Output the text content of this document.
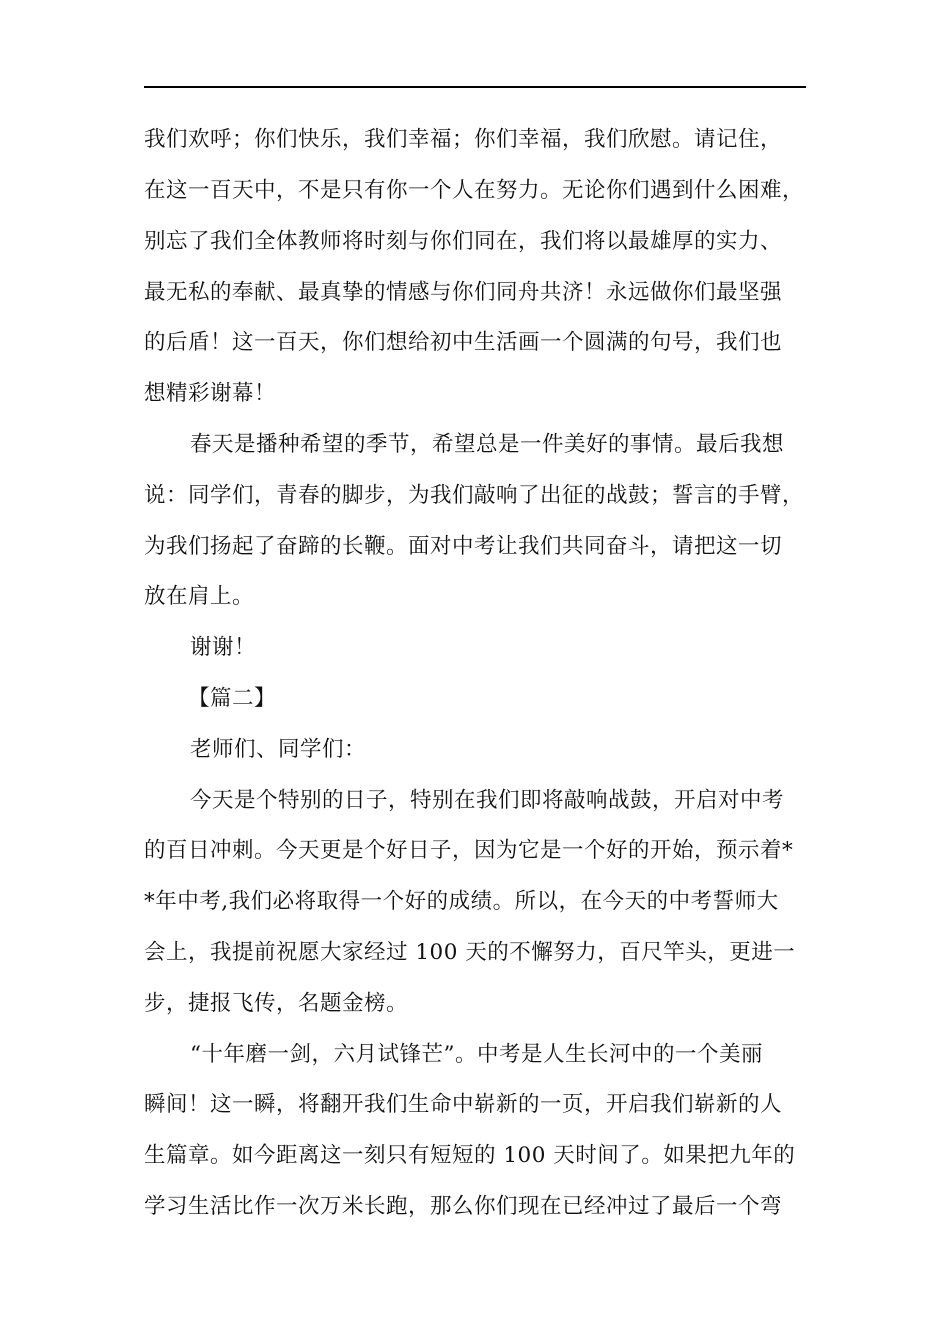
我们欢呼；你们快乐，我们幸福；你们幸福，我们欣慰。请记住，
在这一百天中，不是只有你一个人在努力。无论你们遇到什么困难，
别忘了我们全体教师将时刻与你们同在，我们将以最雄厚的实力、
最无私的奉献、最真挚的情感与你们同舟共济！永远做你们最坚强
的后盾！这一百天，你们想给初中生活画一个圆满的句号，我们也
想精彩谢幕！
春天是播种希望的季节，希望总是一件美好的事情。最后我想
说：同学们，青春的脚步，为我们敲响了出征的战鼓；誓言的手臂，
为我们扬起了奋蹄的长鞭。面对中考让我们共同奋斗，请把这一切
放在肩上。
谢谢！
【篇二】
老师们、同学们：
今天是个特别的日子，特别在我们即将敲响战鼓，开启对中考
的百日冲刺。今天更是个好日子，因为它是一个好的开始，预示着*
*年中考,我们必将取得一个好的成绩。所以，在今天的中考誓师大
会上，我提前祝愿大家经过 100 天的不懈努力，百尺竿头，更进一
步，捷报飞传，名题金榜。
“十年磨一剑，六月试锋芒”。中考是人生长河中的一个美丽
瞬间！这一瞬，将翻开我们生命中崭新的一页，开启我们崭新的人
生篇章。如今距离这一刻只有短短的 100 天时间了。如果把九年的
学习生活比作一次万米长跑，那么你们现在已经冲过了最后一个弯
